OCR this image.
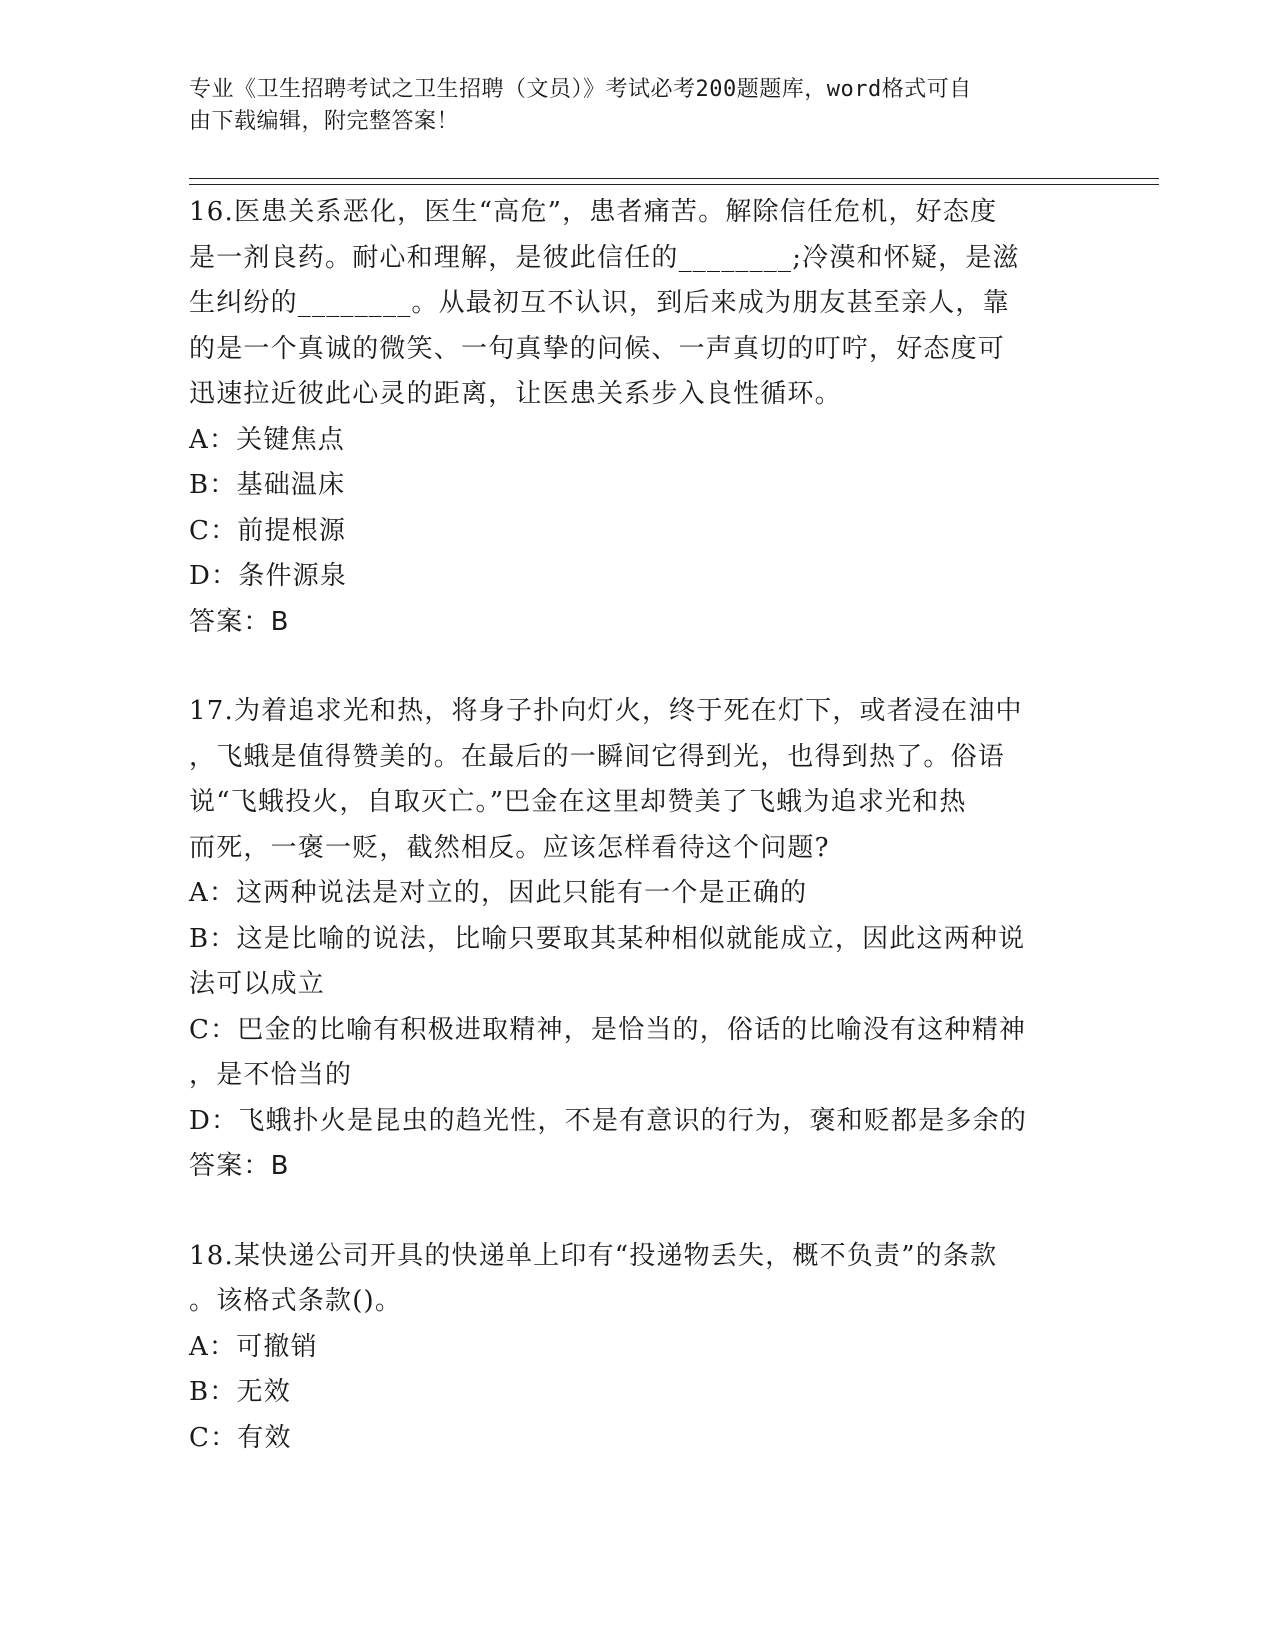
专业《卫生招聘考试之卫生招聘（文员）》考试必考200题题库，word格式可自
由下载编辑，附完整答案！

16.医患关系恶化，医生“高危”，患者痛苦。解除信任危机，好态度

是一剂良药。耐心和理解，是彼此信任的________;冷漠和怀疑，是滋

生纠纷的________。从最初互不认识，到后来成为朋友甚至亲人，靠

的是一个真诚的微笑、一句真挚的问候、一声真切的叮咛，好态度可

迅速拉近彼此心灵的距离，让医患关系步入良性循环。

A：关键焦点

B：基础温床

C：前提根源

D：条件源泉

答案：B

17.为着追求光和热，将身子扑向灯火，终于死在灯下，或者浸在油中

，飞蛾是值得赞美的。在最后的一瞬间它得到光，也得到热了。俗语

说“飞蛾投火，自取灭亡。”巴金在这里却赞美了飞蛾为追求光和热

而死，一褒一贬，截然相反。应该怎样看待这个问题?

A：这两种说法是对立的，因此只能有一个是正确的

B：这是比喻的说法，比喻只要取其某种相似就能成立，因此这两种说

法可以成立

C：巴金的比喻有积极进取精神，是恰当的，俗话的比喻没有这种精神

，是不恰当的

D：飞蛾扑火是昆虫的趋光性，不是有意识的行为，褒和贬都是多余的

答案：B

18.某快递公司开具的快递单上印有“投递物丢失，概不负责”的条款

。该格式条款()。

A：可撤销

B：无效

C：有效
